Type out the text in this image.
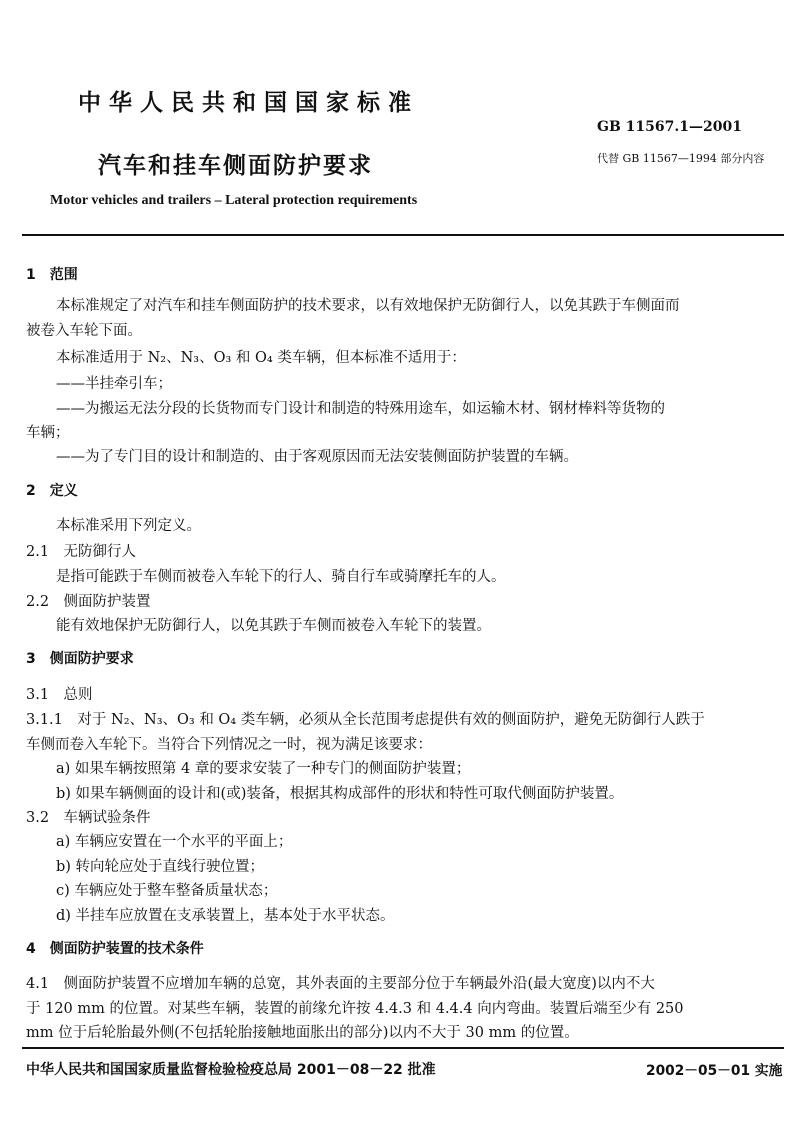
中华人民共和国国家标准
GB 11567.1—2001
代替 GB 11567—1994 部分内容
汽车和挂车侧面防护要求
Motor vehicles and trailers – Lateral protection requirements
1　范围
本标准规定了对汽车和挂车侧面防护的技术要求，以有效地保护无防御行人，以免其跌于车侧面而
被卷入车轮下面。
本标准适用于 N₂、N₃、O₃ 和 O₄ 类车辆，但本标准不适用于：
——半挂牵引车；
——为搬运无法分段的长货物而专门设计和制造的特殊用途车，如运输木材、钢材棒料等货物的
车辆；
——为了专门目的设计和制造的、由于客观原因而无法安装侧面防护装置的车辆。
2　定义
本标准采用下列定义。
2.1　无防御行人
是指可能跌于车侧而被卷入车轮下的行人、骑自行车或骑摩托车的人。
2.2　侧面防护装置
能有效地保护无防御行人，以免其跌于车侧而被卷入车轮下的装置。
3　侧面防护要求
3.1　总则
3.1.1　对于 N₂、N₃、O₃ 和 O₄ 类车辆，必须从全长范围考虑提供有效的侧面防护，避免无防御行人跌于
车侧而卷入车轮下。当符合下列情况之一时，视为满足该要求：
a) 如果车辆按照第 4 章的要求安装了一种专门的侧面防护装置；
b) 如果车辆侧面的设计和(或)装备，根据其构成部件的形状和特性可取代侧面防护装置。
3.2　车辆试验条件
a) 车辆应安置在一个水平的平面上；
b) 转向轮应处于直线行驶位置；
c) 车辆应处于整车整备质量状态；
d) 半挂车应放置在支承装置上，基本处于水平状态。
4　侧面防护装置的技术条件
4.1　侧面防护装置不应增加车辆的总宽，其外表面的主要部分位于车辆最外沿(最大宽度)以内不大
于 120 mm 的位置。对某些车辆，装置的前缘允许按 4.4.3 和 4.4.4 向内弯曲。装置后端至少有 250
mm 位于后轮胎最外侧(不包括轮胎接触地面胀出的部分)以内不大于 30 mm 的位置。
中华人民共和国国家质量监督检验检疫总局 2001－08－22 批准	2002－05－01 实施
